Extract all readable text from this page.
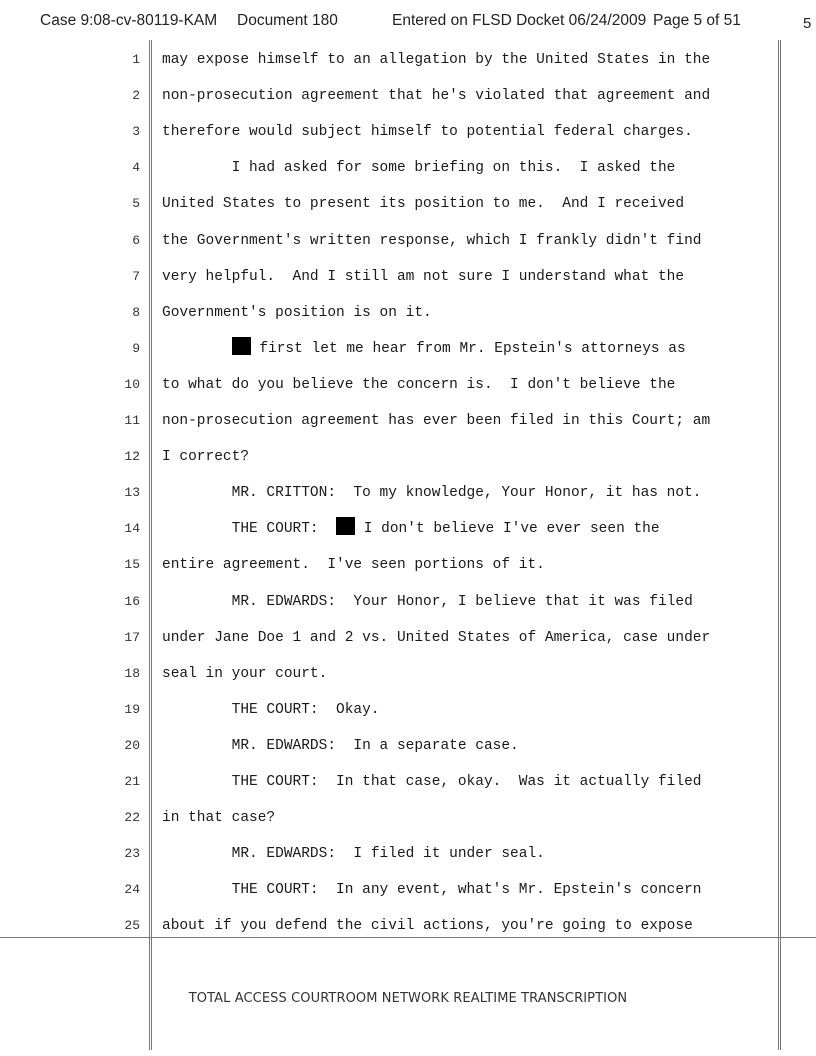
Case 9:08-cv-80119-KAM Document 180	Entered on FLSD Docket 06/24/2009 Page 5 of 51	5
1 may expose himself to an allegation by the United States in the
2 non-prosecution agreement that he's violated that agreement and
3 therefore would subject himself to potential federal charges.
4 I had asked for some briefing on this.  I asked the
5 United States to present its position to me.  And I received
6 the Government's written response, which I frankly didn't find
7 very helpful.  And I still am not sure I understand what the
8 Government's position is on it.
9	first let me hear from Mr. Epstein's attorneys as
10 to what do you believe the concern is.  I don't believe the
11 non-prosecution agreement has ever been filed in this Court; am
12 I correct?
13 MR. CRITTON:  To my knowledge, Your Honor, it has not.
14 THE COURT:   I don't believe I've ever seen the
15 entire agreement.  I've seen portions of it.
16 MR. EDWARDS:  Your Honor, I believe that it was filed
17 under Jane Doe 1 and 2 vs. United States of America, case under
18 seal in your court.
19 THE COURT:  Okay.
20 MR. EDWARDS:  In a separate case.
21 THE COURT:  In that case, okay.  Was it actually filed
22 in that case?
23 MR. EDWARDS:  I filed it under seal.
24 THE COURT:  In any event, what's Mr. Epstein's concern
25 about if you defend the civil actions, you're going to expose
TOTAL ACCESS COURTROOM NETWORK REALTIME TRANSCRIPTION
